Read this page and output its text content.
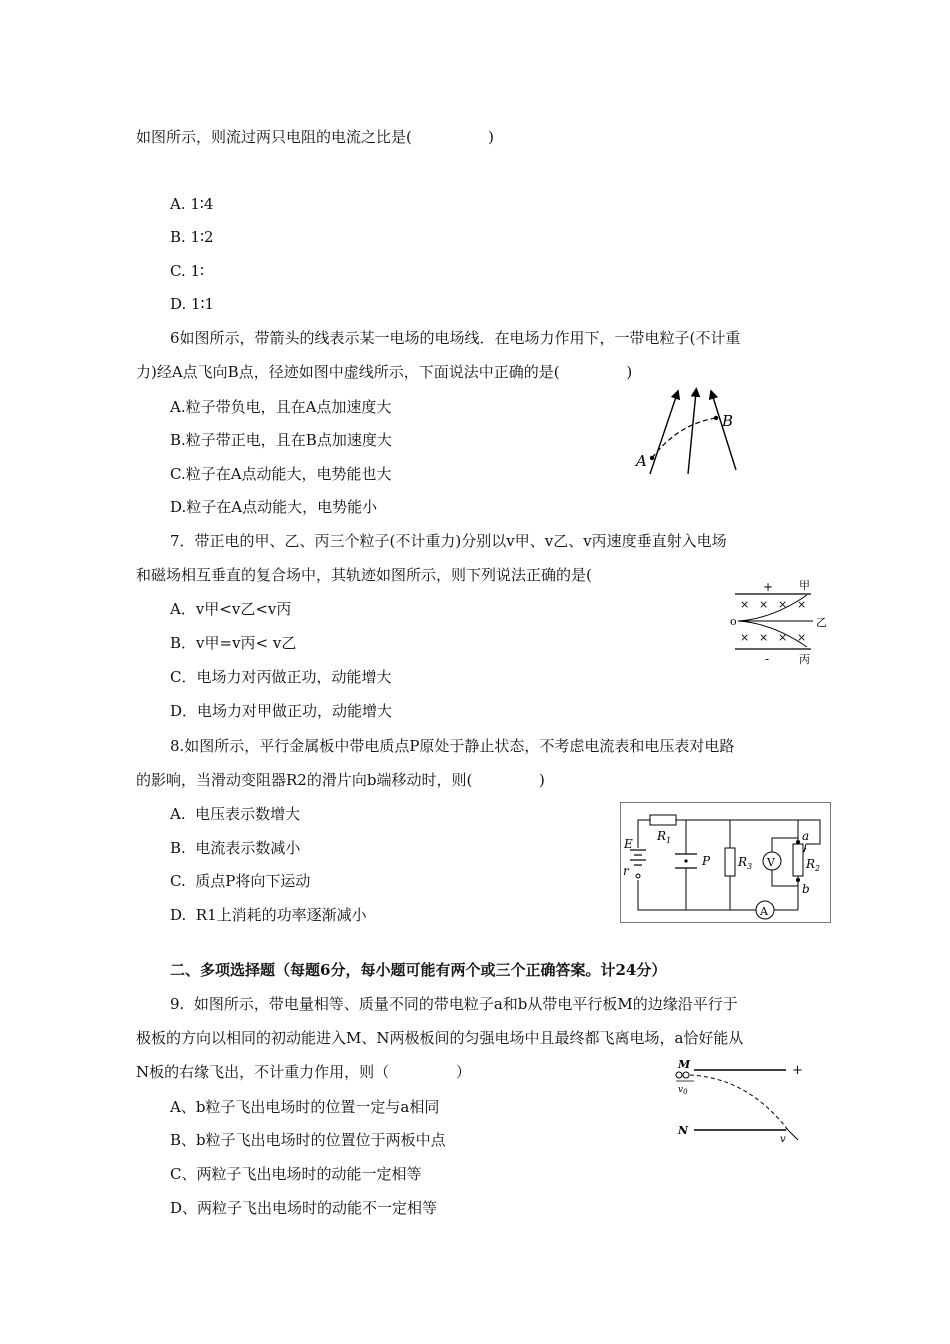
如图所示，则流过两只电阻的电流之比是(                )
A. 1∶4
B. 1∶2
C. 1∶
D. 1∶1
6如图所示，带箭头的线表示某一电场的电场线．在电场力作用下，一带电粒子(不计重
力)经A点飞向B点，径迹如图中虚线所示，下面说法中正确的是(              )
A.粒子带负电，且在A点加速度大
B.粒子带正电，且在B点加速度大
C.粒子在A点动能大，电势能也大
D.粒子在A点动能大，电势能小
A
B
7．带正电的甲、乙、丙三个粒子(不计重力)分别以v甲、v乙、v丙速度垂直射入电场
和磁场相互垂直的复合场中，其轨迹如图所示，则下列说法正确的是(
A．v甲<v乙<v丙
B．v甲=v丙< v乙
C．电场力对丙做正功，动能增大
D．电场力对甲做正功，动能增大
+
-
甲
乙
丙
× × × ×
× × × ×
o
8.如图所示，平行金属板中带电质点P原处于静止状态，不考虑电流表和电压表对电路
的影响，当滑动变阻器R2的滑片向b端移动时，则(              )
A.  电压表示数增大
B.  电流表示数减小
C.  质点P将向下运动
D.  R1上消耗的功率逐渐减小
E
r
P	V
A
$R_1$
$R_3$	$R_2$
a
b
二、多项选择题（每题6分，每小题可能有两个或三个正确答案。计24分）
9.  如图所示，带电量相等、质量不同的带电粒子a和b从带电平行板M的边缘沿平行于
极板的方向以相同的初动能进入M、N两极板间的匀强电场中且最终都飞离电场，a恰好能从
N板的右缘飞出，不计重力作用，则（              ）
A、b粒子飞出电场时的位置一定与a相同
B、b粒子飞出电场时的位置位于两板中点
C、两粒子飞出电场时的动能一定相等
D、两粒子飞出电场时的动能不一定相等
M
N
+
$v_0$
v
